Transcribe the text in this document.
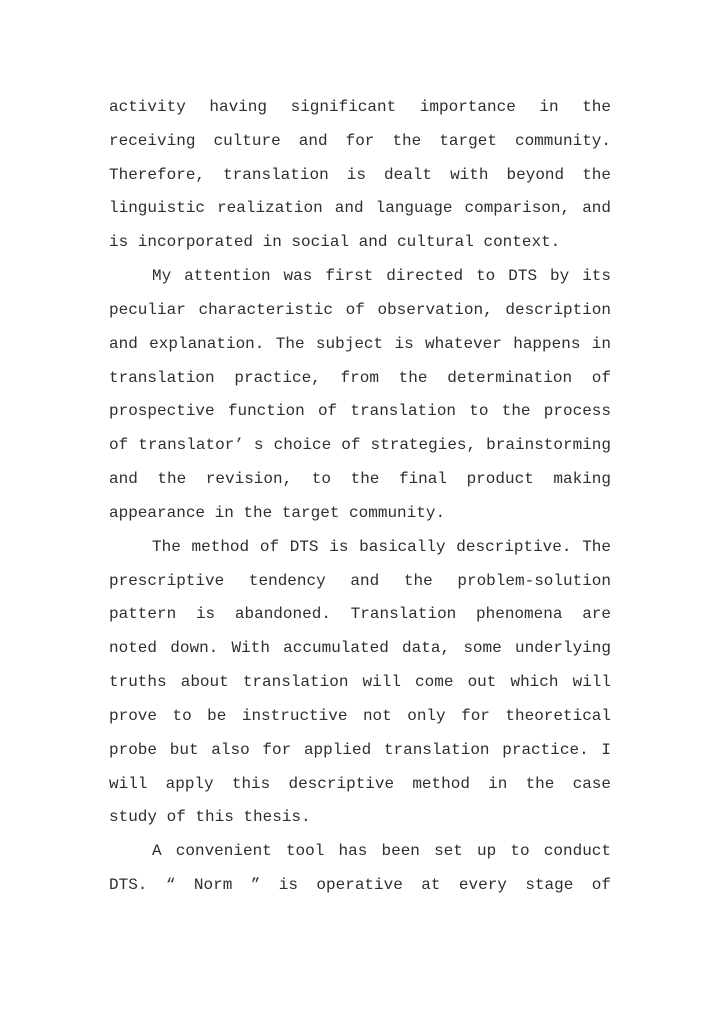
activity having significant importance in the
receiving culture and for the target community.
Therefore, translation is dealt with beyond the
linguistic realization and language comparison, and
is incorporated in social and cultural context.
My attention was first directed to DTS by its
peculiar characteristic of observation, description
and explanation. The subject is whatever happens in
translation practice, from the determination of
prospective function of translation to the process
of translator’ s choice of strategies, brainstorming
and the revision, to the final product making
appearance in the target community.
The method of DTS is basically descriptive. The
prescriptive tendency and the problem-solution
pattern is abandoned. Translation phenomena are
noted down. With accumulated data, some underlying
truths about translation will come out which will
prove to be instructive not only for theoretical
probe but also for applied translation practice. I
will apply this descriptive method in the case
study of this thesis.
A convenient tool has been set up to conduct
DTS. “ Norm ” is operative at every stage of
